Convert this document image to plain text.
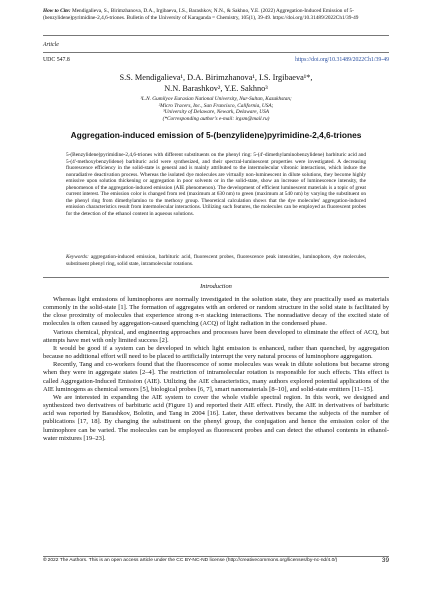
How to Cite: Mendigalieva, S., Birimzhanova, D.A., Irgibaeva, I.S., Barashkov, N.N., & Sakhno, Y.E. (2022) Aggregation-Induced Emission of 5-(benzylidene)pyrimidine-2,4,6-triones. Bulletin of the University of Karaganda = Chemistry, 105(1), 39-49. https://doi.org/10.31489/2022Ch1/39-49
Article
UDC 547.8	https://doi.org/10.31489/2022Ch1/39-49
S.S. Mendigalieva¹, D.A. Birimzhanova¹, I.S. Irgibaeva¹*,
N.N. Barashkov², Y.E. Sakhno³
¹L.N. Gumilyov Eurasian National University, Nur-Sultan, Kazakhstan;
²Micro Tracers, Inc., San Francisco, California, USA;
³University of Delaware, Newark, Delaware, USA
(*Corresponding author's e-mail: irgsm@mail.ru)
Aggregation-induced emission of 5-(benzylidene)pyrimidine-2,4,6-triones
5-(Benzylidene)pyrimidine-2,4,6-triones with different substituents on the phenyl ring: 5-(4'-dimethylaminobenzylidene) barbituric acid and 5-(4'-methoxybenzylidene) barbituric acid were synthesized, and their spectral-luminescent properties were investigated. A decreasing fluorescence efficiency in the solid-state is general and is mainly attributed to the intermolecular vibronic interactions, which induce the nonradiative deactivation process. Whereas the isolated dye molecules are virtually non-luminescent in dilute solutions, they become highly emissive upon solution thickening or aggregation in poor solvents or in the solid-state, show an increase of luminescence intensity, the phenomenon of the aggregation-induced emission (AIE phenomenon). The development of efficient luminescent materials is a topic of great current interest. The emission color is changed from red (maximum at 630 nm) to green (maximum at 540 nm) by varying the substituent on the phenyl ring from dimethylamino to the methoxy group. Theoretical calculation shows that the dye molecules' aggregation-induced emission characteristics result from intermolecular interactions. Utilizing such features, the molecules can be employed as fluorescent probes for the detection of the ethanol content in aqueous solutions.
Keywords: aggregation-induced emission, barbituric acid, fluorescent probes, fluorescence peak intensities, luminophore, dye molecules, substituent phenyl ring, solid state, intramolecular rotations.
Introduction

Whereas light emissions of luminophores are normally investigated in the solution state, they are practically used as materials commonly in the solid-state [1]. The formation of aggregates with an ordered or random structure in the solid state is facilitated by the close proximity of molecules that experience strong π-π stacking interactions. The nonradiative decay of the excited state of molecules is often caused by aggregation-caused quenching (ACQ) of light radiation in the condensed phase.

Various chemical, physical, and engineering approaches and processes have been developed to eliminate the effect of ACQ, but attempts have met with only limited success [2].

It would be good if a system can be developed in which light emission is enhanced, rather than quenched, by aggregation because no additional effort will need to be placed to artificially interrupt the very natural process of luminophore aggregation.

Recently, Tang and co-workers found that the fluorescence of some molecules was weak in dilute solutions but became strong when they were in aggregate states [2–4]. The restriction of intramolecular rotation is responsible for such effects. This effect is called Aggregation-Induced Emission (AIE). Utilizing the AIE characteristics, many authors explored potential applications of the AIE luminogens as chemical sensors [5], biological probes [6, 7], smart nanomaterials [8–10], and solid-state emitters [11–15].

We are interested in expanding the AIE system to cover the whole visible spectral region. In this work, we designed and synthesized two derivatives of barbituric acid (Figure 1) and reported their AIE effect. Firstly, the AIE in derivatives of barbituric acid was reported by Barashkov, Bolotin, and Tang in 2004 [16]. Later, these derivatives became the subjects of the number of publications [17, 18]. By changing the substituent on the phenyl group, the conjugation and hence the emission color of the luminophore can be varied. The molecules can be employed as fluorescent probes and can detect the ethanol contents in ethanol-water mixtures [19–23].

©2022 The Authors. This is an open access article under the CC BY-NC-ND license (http://creativecommons.org/licenses/by-nc-nd/4.0/)	39
